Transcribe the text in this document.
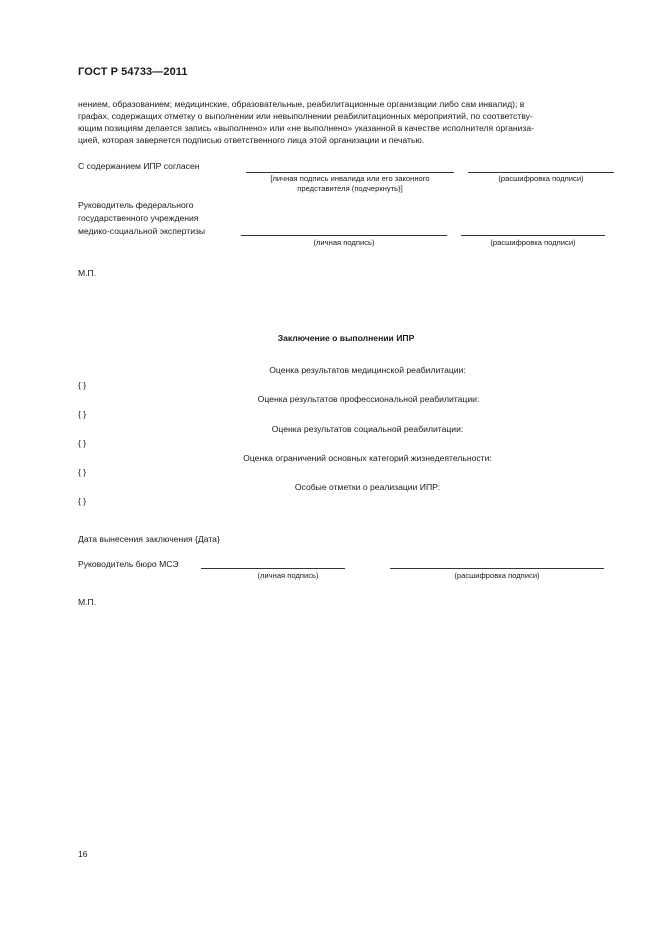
ГОСТ Р 54733—2011
нением, образованием; медицинские, образовательные, реабилитационные организации либо сам инвалид); в
графах, содержащих отметку о выполнении или невыполнении реабилитационных мероприятий, по соответству-
ющим позициям делается запись «выполнено» или «не выполнено» указанной в качестве исполнителя организа-
цией, которая заверяется подписью ответственного лица этой организации и печатью.
С содержанием ИПР согласен
[личная подпись инвалида или его законного
представителя (подчеркнуть)]
(расшифровка подписи)
Руководитель федерального
государственного учреждения
медико-социальной экспертизы
(личная подпись)	(расшифровка подписи)
М.П.
Заключение о выполнении ИПР
Оценка результатов медицинской реабилитации:
{ }
Оценка результатов профессиональной реабилитации:
{ }
Оценка результатов социальной реабилитации:
{ }
Оценка ограничений основных категорий жизнедеятельности:
{ }
Особые отметки о реализации ИПР:
{ }
Дата вынесения заключения {Дата}
Руководитель бюро МСЭ
(личная подпись)	(расшифровка подписи)
М.П.
16
